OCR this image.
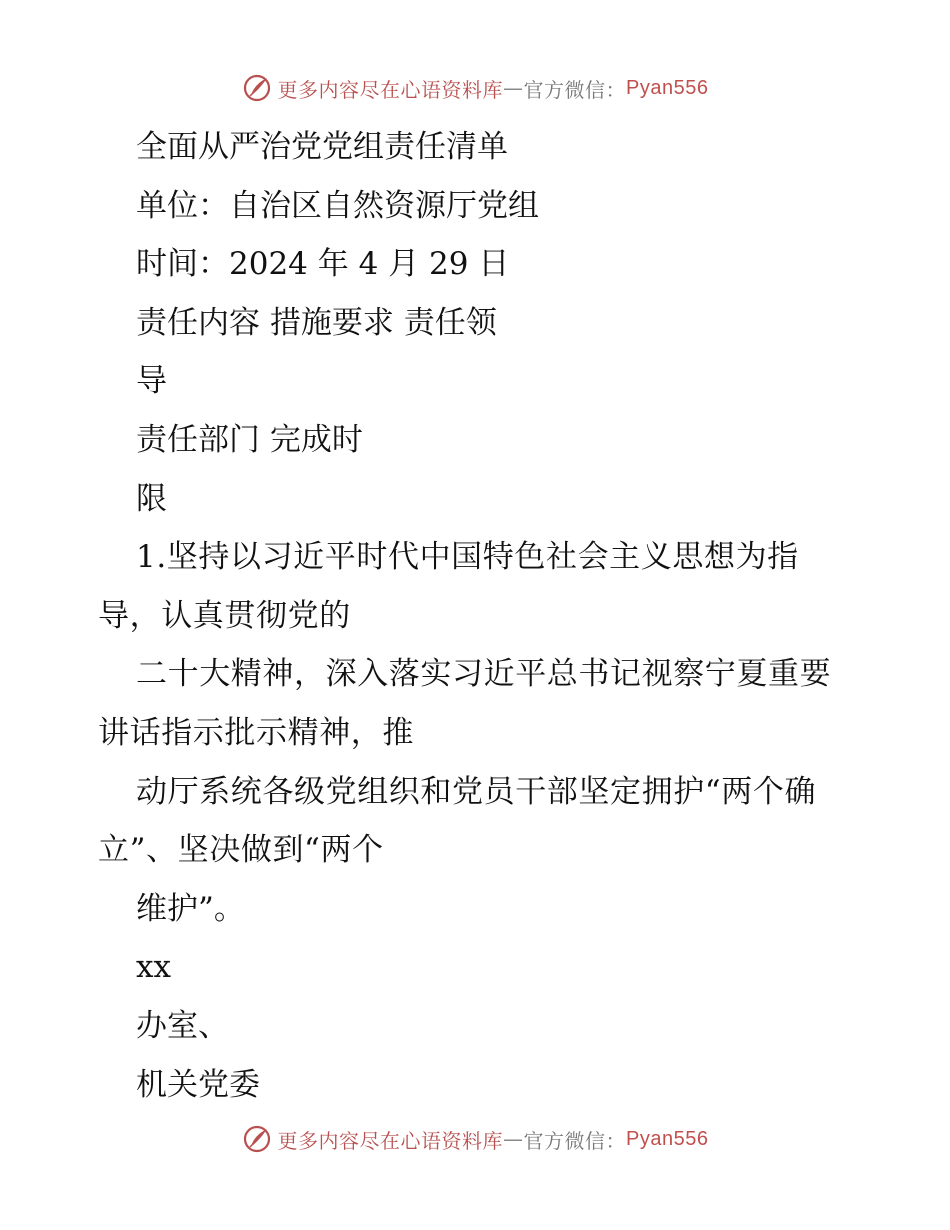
更多内容尽在心语资料库 — 官方微信： Pyan556
全面从严治党党组责任清单
单位：自治区自然资源厅党组
时间：2024 年 4 月 29 日
责任内容 措施要求 责任领
导
责任部门 完成时
限
1.坚持以习近平时代中国特色社会主义思想为指导，认真贯彻党的
二十大精神，深入落实习近平总书记视察宁夏重要讲话指示批示精神，推
动厅系统各级党组织和党员干部坚定拥护“两个确立”、坚决做到“两个
维护”。
xx
办室、
机关党委
更多内容尽在心语资料库 — 官方微信： Pyan556
